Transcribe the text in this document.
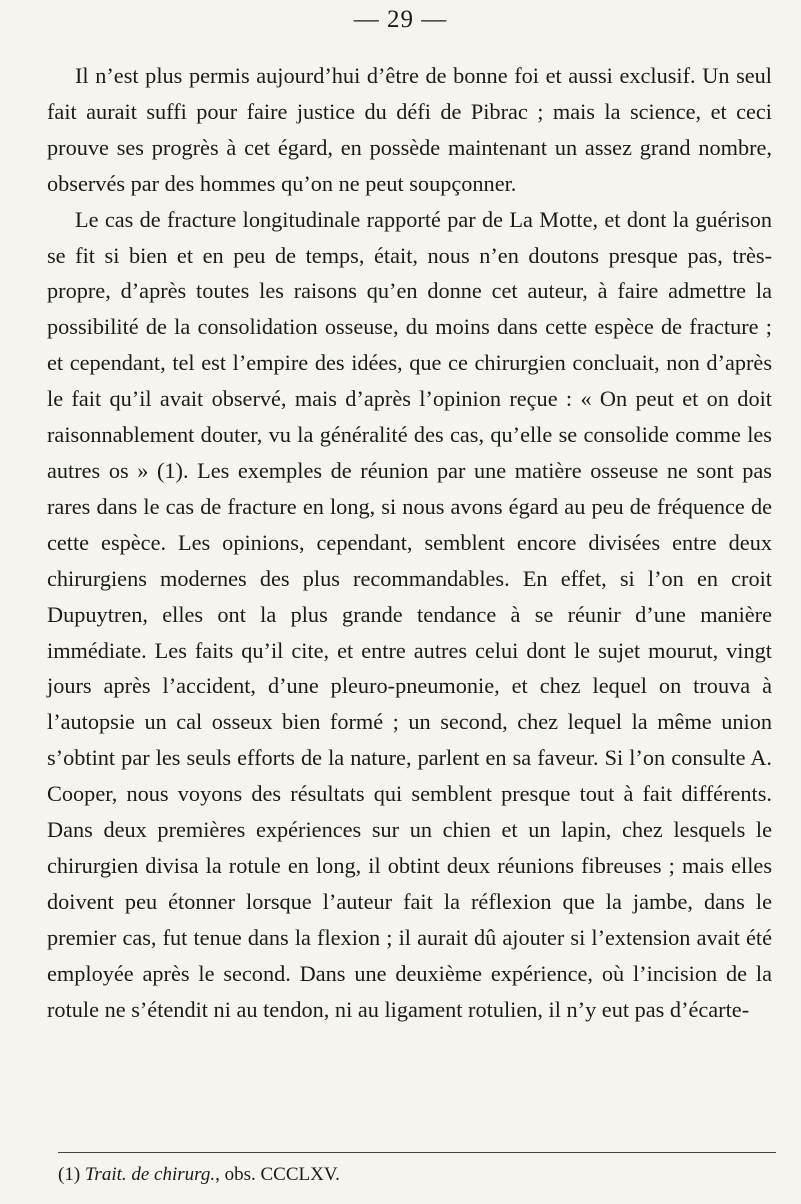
— 29 —

Il n’est plus permis aujourd’hui d’être de bonne foi et aussi exclusif. Un seul fait aurait suffi pour faire justice du défi de Pibrac ; mais la science, et ceci prouve ses progrès à cet égard, en possède maintenant un assez grand nombre, observés par des hommes qu’on ne peut soupçonner.

Le cas de fracture longitudinale rapporté par de La Motte, et dont la guérison se fit si bien et en peu de temps, était, nous n’en doutons presque pas, très-propre, d’après toutes les raisons qu’en donne cet auteur, à faire admettre la possibilité de la consolidation osseuse, du moins dans cette espèce de fracture ; et cependant, tel est l’empire des idées, que ce chirurgien concluait, non d’après le fait qu’il avait observé, mais d’après l’opinion reçue : « On peut et on doit raisonnablement douter, vu la généralité des cas, qu’elle se consolide comme les autres os » (1). Les exemples de réunion par une matière osseuse ne sont pas rares dans le cas de fracture en long, si nous avons égard au peu de fréquence de cette espèce. Les opinions, cependant, semblent encore divisées entre deux chirurgiens modernes des plus recommandables. En effet, si l’on en croit Dupuytren, elles ont la plus grande tendance à se réunir d’une manière immédiate. Les faits qu’il cite, et entre autres celui dont le sujet mourut, vingt jours après l’accident, d’une pleuro-pneumonie, et chez lequel on trouva à l’autopsie un cal osseux bien formé ; un second, chez lequel la même union s’obtint par les seuls efforts de la nature, parlent en sa faveur. Si l’on consulte A. Cooper, nous voyons des résultats qui semblent presque tout à fait différents. Dans deux premières expériences sur un chien et un lapin, chez lesquels le chirurgien divisa la rotule en long, il obtint deux réunions fibreuses ; mais elles doivent peu étonner lorsque l’auteur fait la réflexion que la jambe, dans le premier cas, fut tenue dans la flexion ; il aurait dû ajouter si l’extension avait été employée après le second. Dans une deuxième expérience, où l’incision de la rotule ne s’étendit ni au tendon, ni au ligament rotulien, il n’y eut pas d’écarte-

(1) Trait. de chirurg., obs. CCCLXV.
